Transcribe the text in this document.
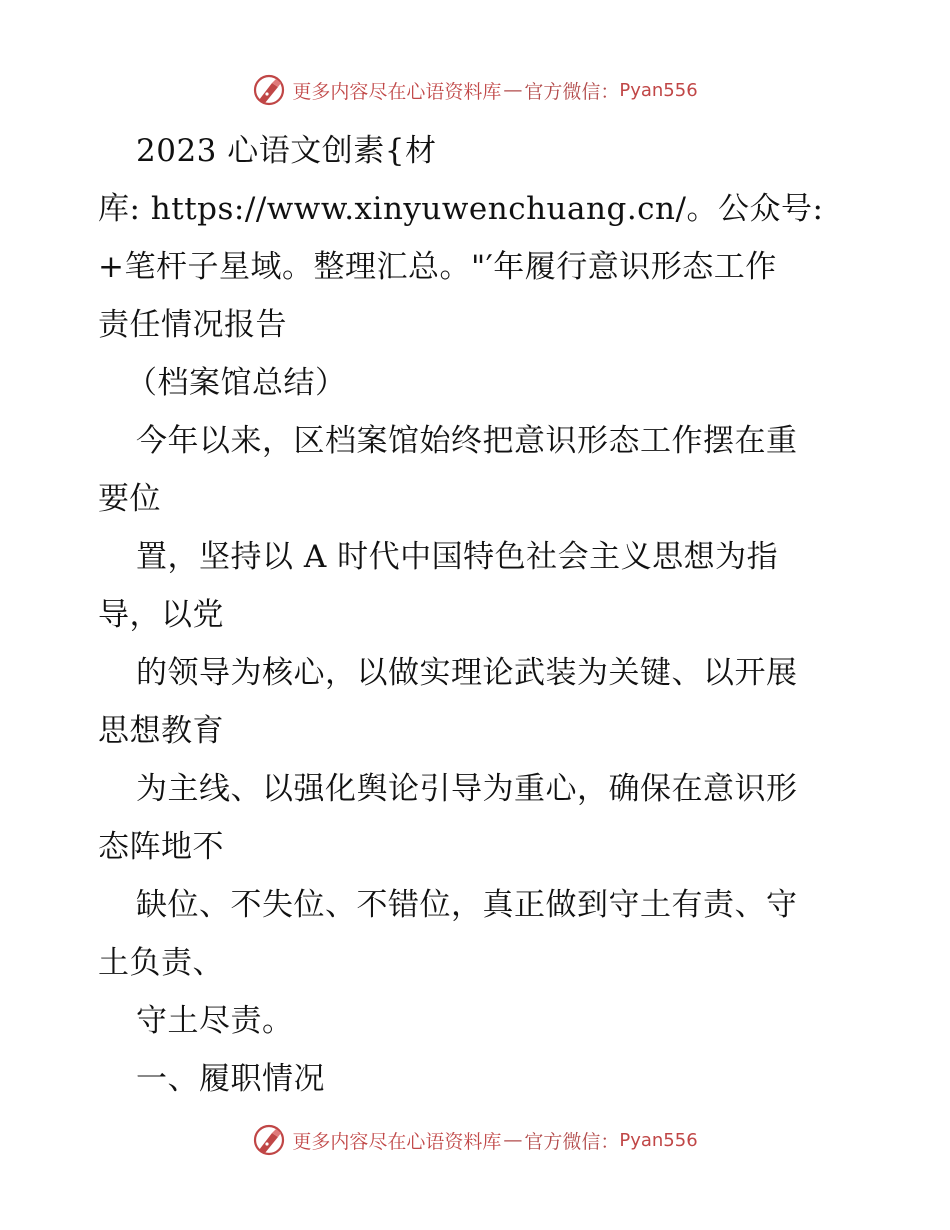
更多内容尽在心语资料库 — 官方微信： Pyan556

2023 心语文创素{材

库: https://www.xinyuwenchuang.cn/。公众号:

+笔杆子星域。整理汇总。"′年履行意识形态工作

责任情况报告

（档案馆总结）

今年以来，区档案馆始终把意识形态工作摆在重

要位

置，坚持以 A 时代中国特色社会主义思想为指

导，以党

的领导为核心，以做实理论武装为关键、以开展

思想教育

为主线、以强化舆论引导为重心，确保在意识形

态阵地不

缺位、不失位、不错位，真正做到守土有责、守

土负责、

守土尽责。

一、履职情况

更多内容尽在心语资料库 — 官方微信： Pyan556
